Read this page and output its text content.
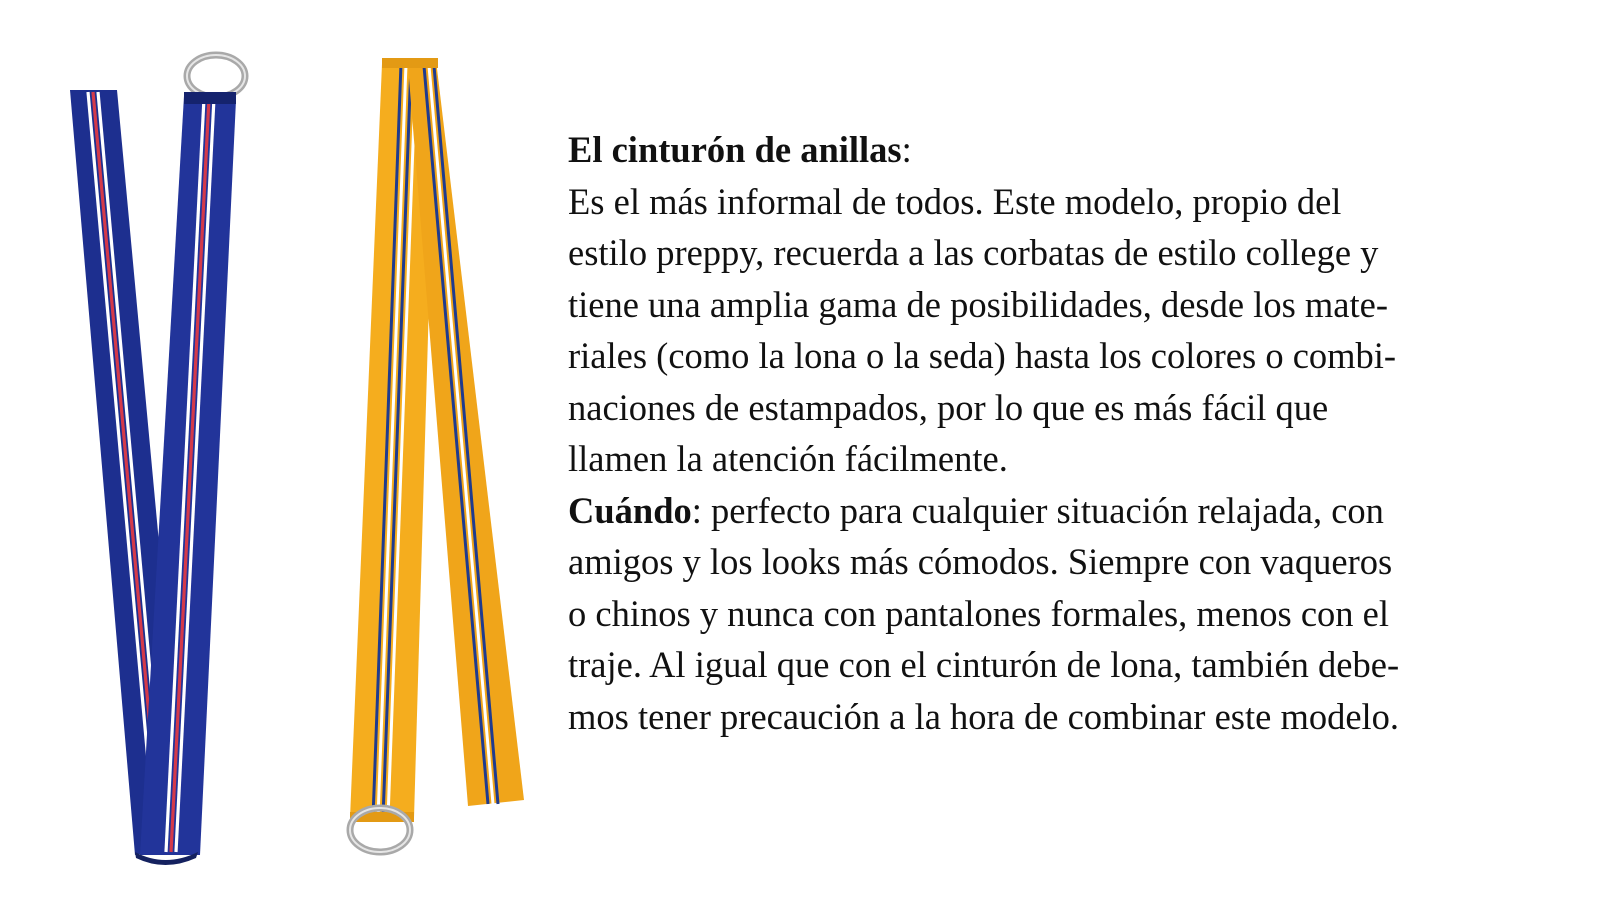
El cinturón de anillas:
Es el más informal de todos. Este modelo, propio del
estilo preppy, recuerda a las corbatas de estilo college y
tiene una amplia gama de posibilidades, desde los mate-
riales (como la lona o la seda) hasta los colores o combi-
naciones de estampados, por lo que es más fácil que
llamen la atención fácilmente.
Cuándo: perfecto para cualquier situación relajada, con
amigos y los looks más cómodos. Siempre con vaqueros
o chinos y nunca con pantalones formales, menos con el
traje. Al igual que con el cinturón de lona, también debe-
mos tener precaución a la hora de combinar este modelo.
